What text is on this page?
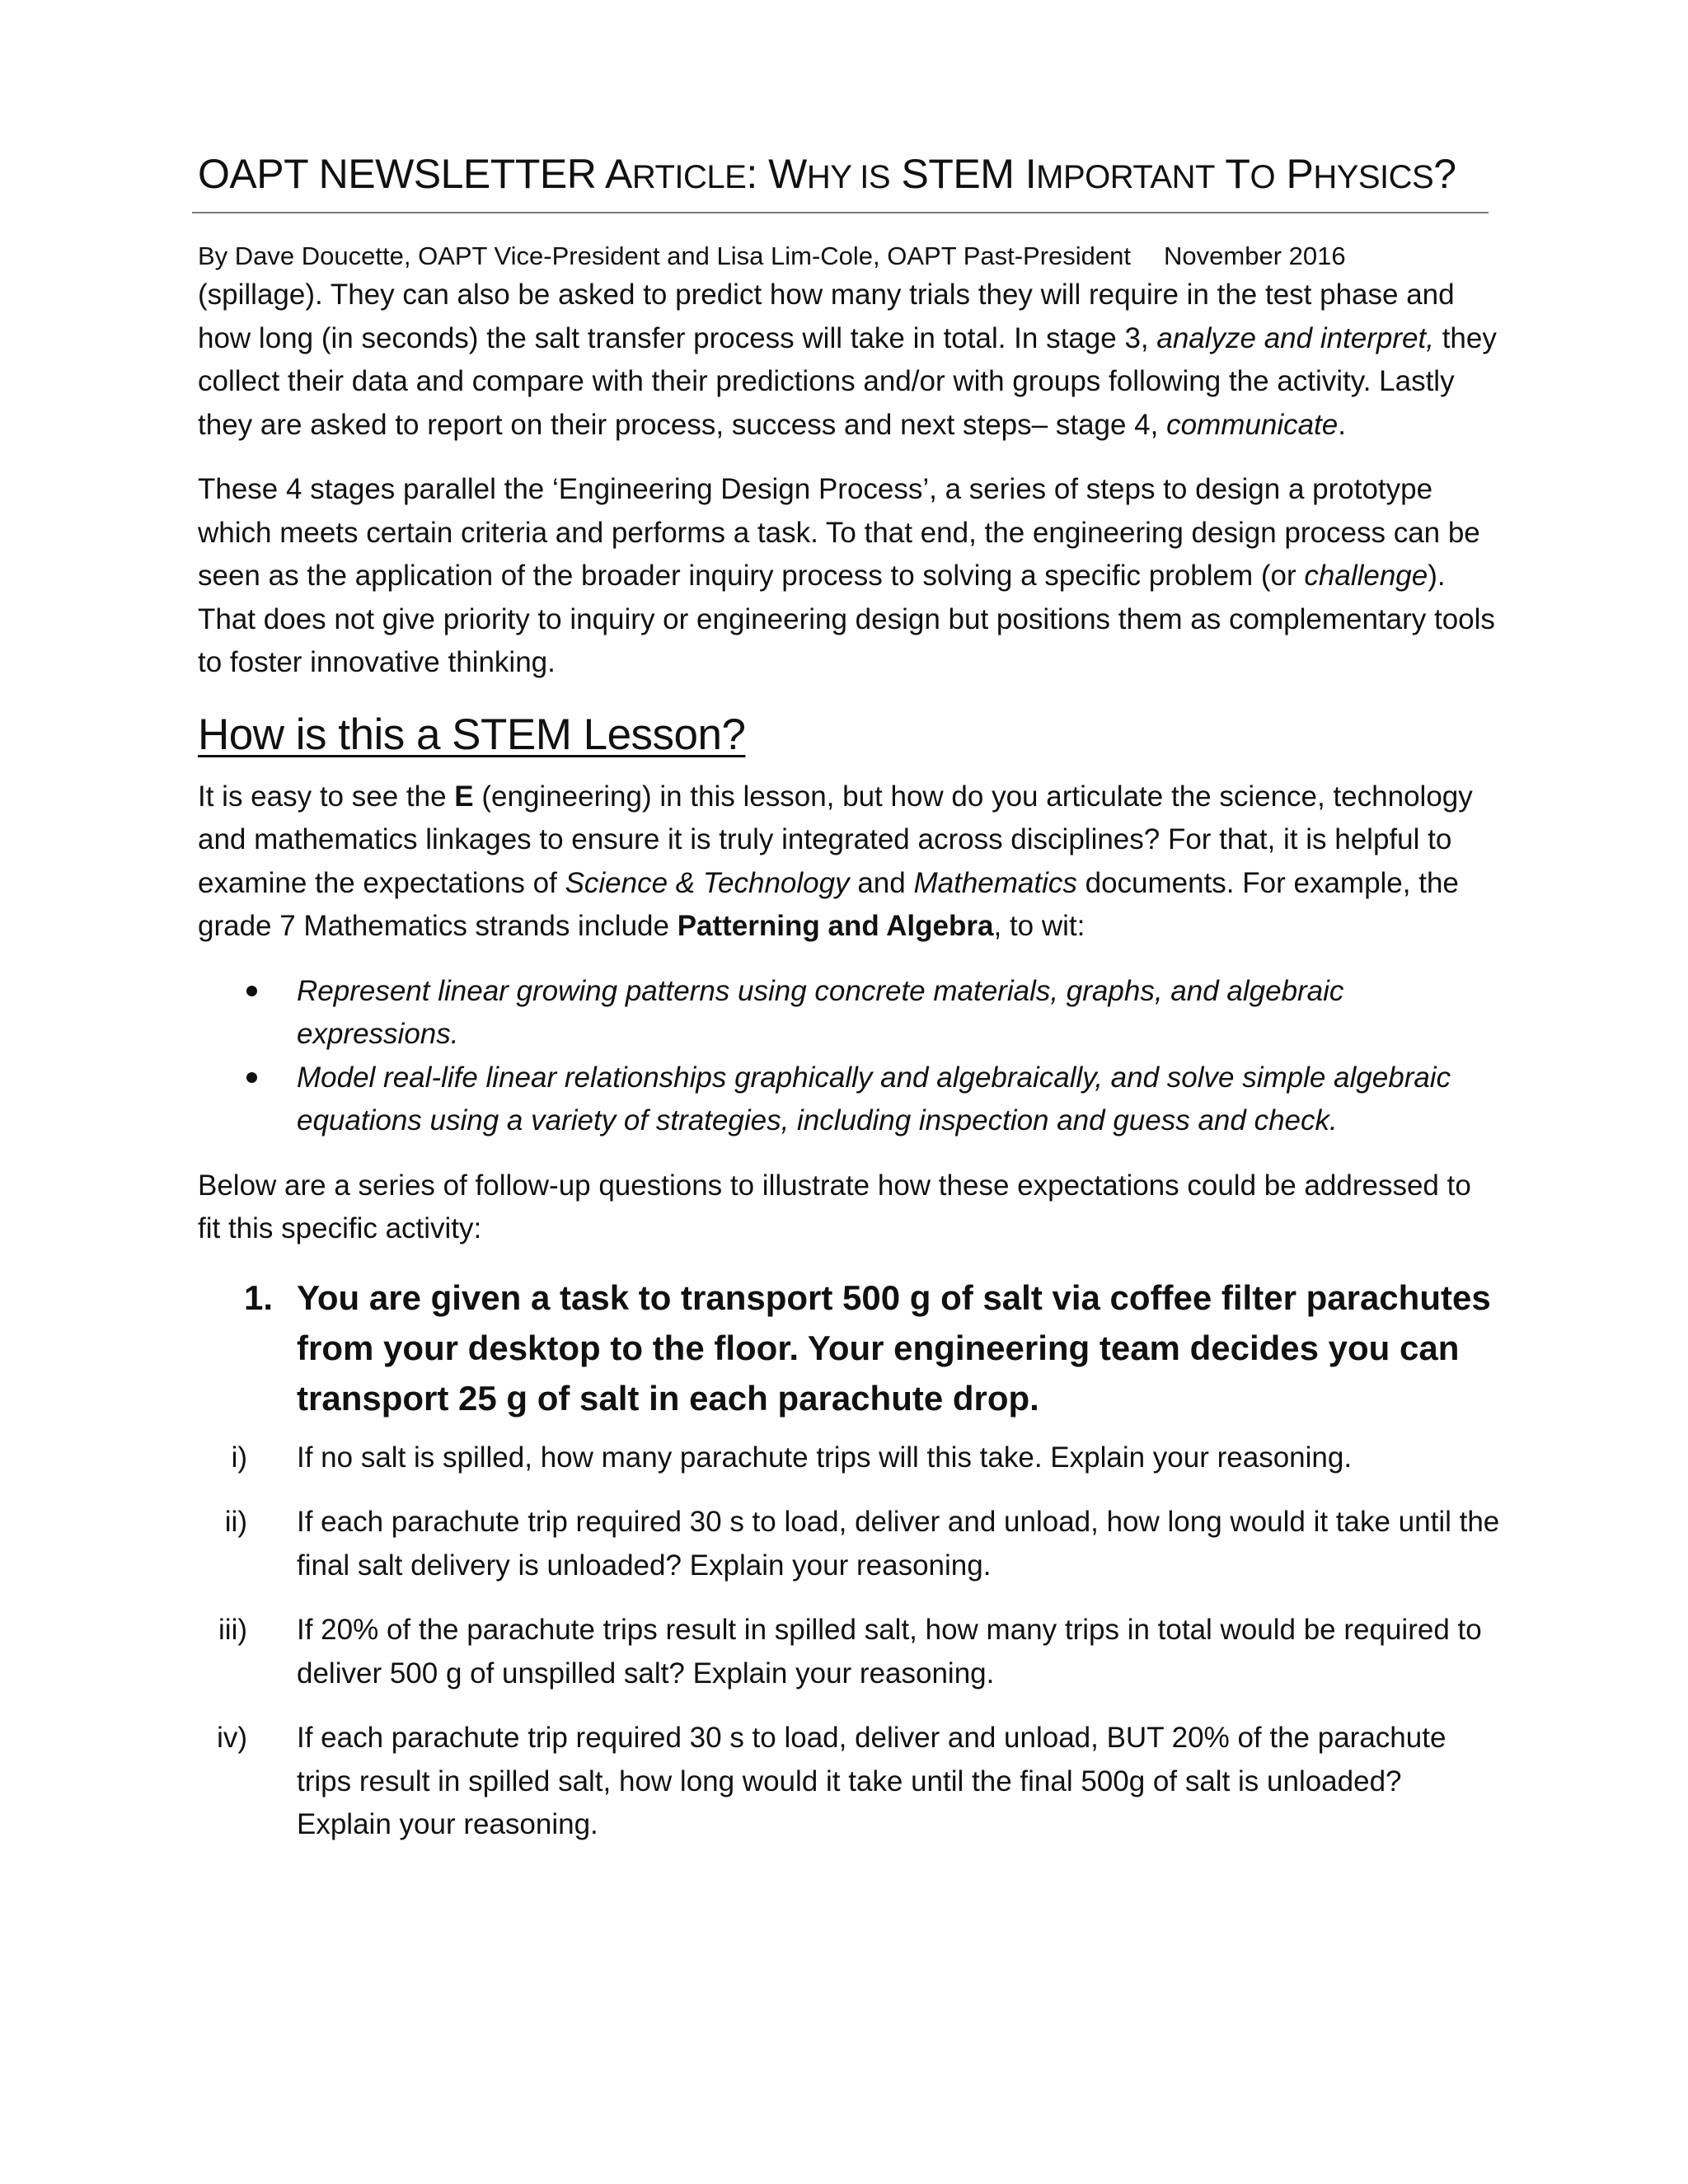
OAPT NEWSLETTER ARTICLE: WHY IS STEM IMPORTANT TO PHYSICS?

By Dave Doucette, OAPT Vice-President and Lisa Lim-Cole, OAPT Past-President November 2016

(spillage). They can also be asked to predict how many trials they will require in the test phase and how long (in seconds) the salt transfer process will take in total. In stage 3, analyze and interpret, they collect their data and compare with their predictions and/or with groups following the activity. Lastly they are asked to report on their process, success and next steps– stage 4, communicate.

These 4 stages parallel the ‘Engineering Design Process’, a series of steps to design a prototype which meets certain criteria and performs a task. To that end, the engineering design process can be seen as the application of the broader inquiry process to solving a specific problem (or challenge). That does not give priority to inquiry or engineering design but positions them as complementary tools to foster innovative thinking.

How is this a STEM Lesson?

It is easy to see the E (engineering) in this lesson, but how do you articulate the science, technology and mathematics linkages to ensure it is truly integrated across disciplines? For that, it is helpful to examine the expectations of Science & Technology and Mathematics documents. For example, the grade 7 Mathematics strands include Patterning and Algebra, to wit:

Represent linear growing patterns using concrete materials, graphs, and algebraic expressions.
Model real-life linear relationships graphically and algebraically, and solve simple algebraic equations using a variety of strategies, including inspection and guess and check.

Below are a series of follow-up questions to illustrate how these expectations could be addressed to fit this specific activity:

1. You are given a task to transport 500 g of salt via coffee filter parachutes from your desktop to the floor. Your engineering team decides you can transport 25 g of salt in each parachute drop.
i) If no salt is spilled, how many parachute trips will this take. Explain your reasoning.
ii) If each parachute trip required 30 s to load, deliver and unload, how long would it take until the final salt delivery is unloaded? Explain your reasoning.
iii) If 20% of the parachute trips result in spilled salt, how many trips in total would be required to deliver 500 g of unspilled salt? Explain your reasoning.
iv) If each parachute trip required 30 s to load, deliver and unload, BUT 20% of the parachute trips result in spilled salt, how long would it take until the final 500g of salt is unloaded? Explain your reasoning.
